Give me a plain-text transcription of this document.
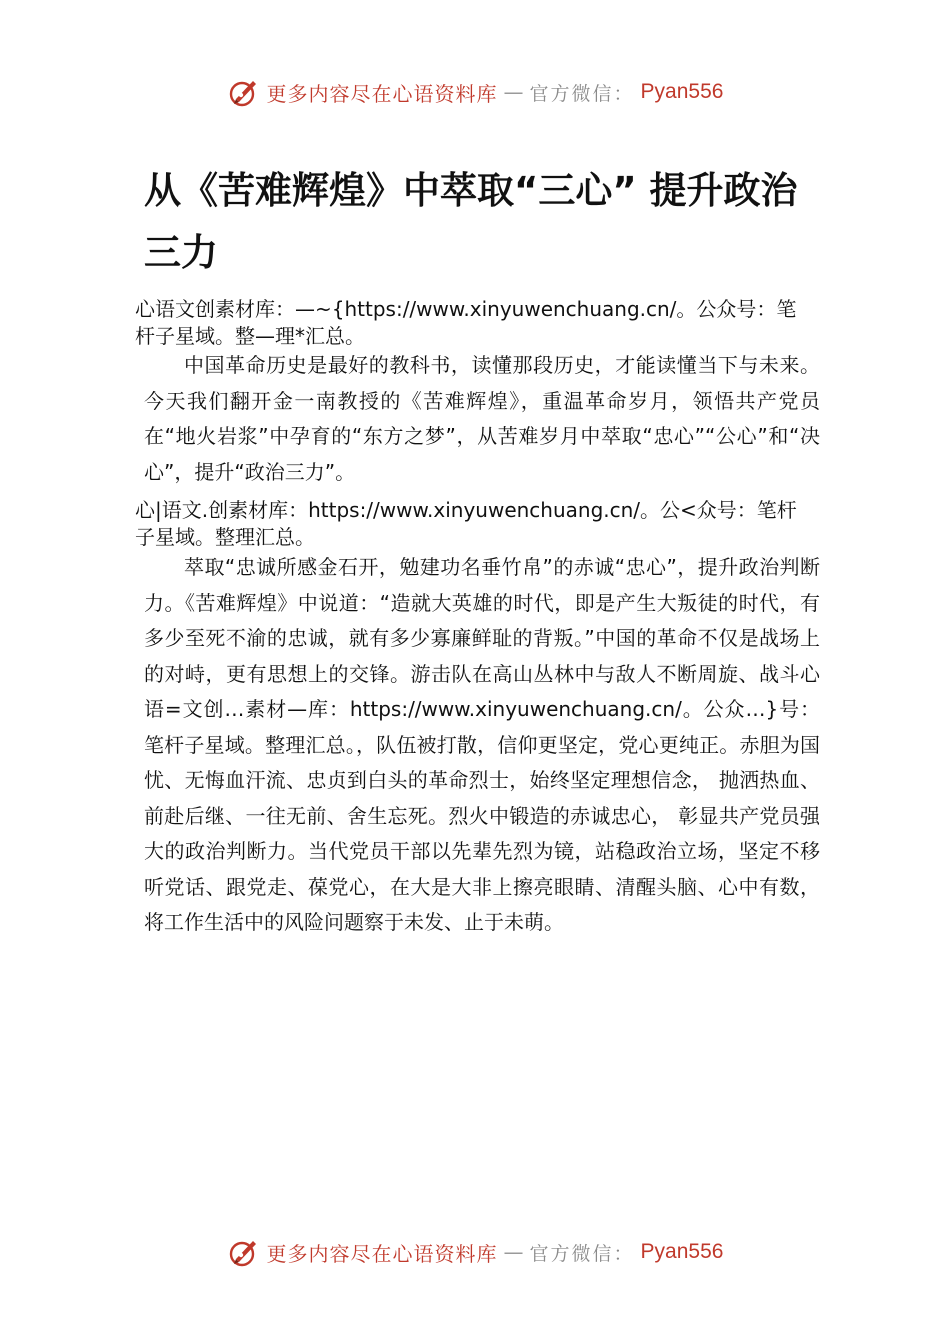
更多内容尽在心语资料库 — 官方微信： Pyan556
从《苦难辉煌》中萃取“三心” 提升政治三力

心语文创素材库：—~{https://www.xinyuwenchuang.cn/。公众号：笔杆子星域。整—理*汇总。

中国革命历史是最好的教科书，读懂那段历史，才能读懂当下与未来。今天我们翻开金一南教授的《苦难辉煌》，重温革命岁月，领悟共产党员在“地火岩浆”中孕育的“东方之梦”，从苦难岁月中萃取“忠心”“公心”和“决心”，提升“政治三力”。

心|语文.创素材库：https://www.xinyuwenchuang.cn/。公<众号：笔杆子星域。整理汇总。

萃取“忠诚所感金石开，勉建功名垂竹帛”的赤诚“忠心”，提升政治判断力。《苦难辉煌》中说道：“造就大英雄的时代，即是产生大叛徒的时代，有多少至死不渝的忠诚，就有多少寡廉鲜耻的背叛。”中国的革命不仅是战场上的对峙，更有思想上的交锋。游击队在高山丛林中与敌人不断周旋、战斗心语=文创…素材—库：https://www.xinyuwenchuang.cn/。公众…}号：笔杆子星域。整理汇总。，队伍被打散，信仰更坚定，党心更纯正。赤胆为国忧、无悔血汗流、忠贞到白头的革命烈士，始终坚定理想信念， 抛洒热血、前赴后继、一往无前、舍生忘死。烈火中锻造的赤诚忠心， 彰显共产党员强大的政治判断力。当代党员干部以先辈先烈为镜，站稳政治立场，坚定不移听党话、跟党走、葆党心，在大是大非上擦亮眼睛、清醒头脑、心中有数，将工作生活中的风险问题察于未发、止于未萌。

更多内容尽在心语资料库 — 官方微信： Pyan556
